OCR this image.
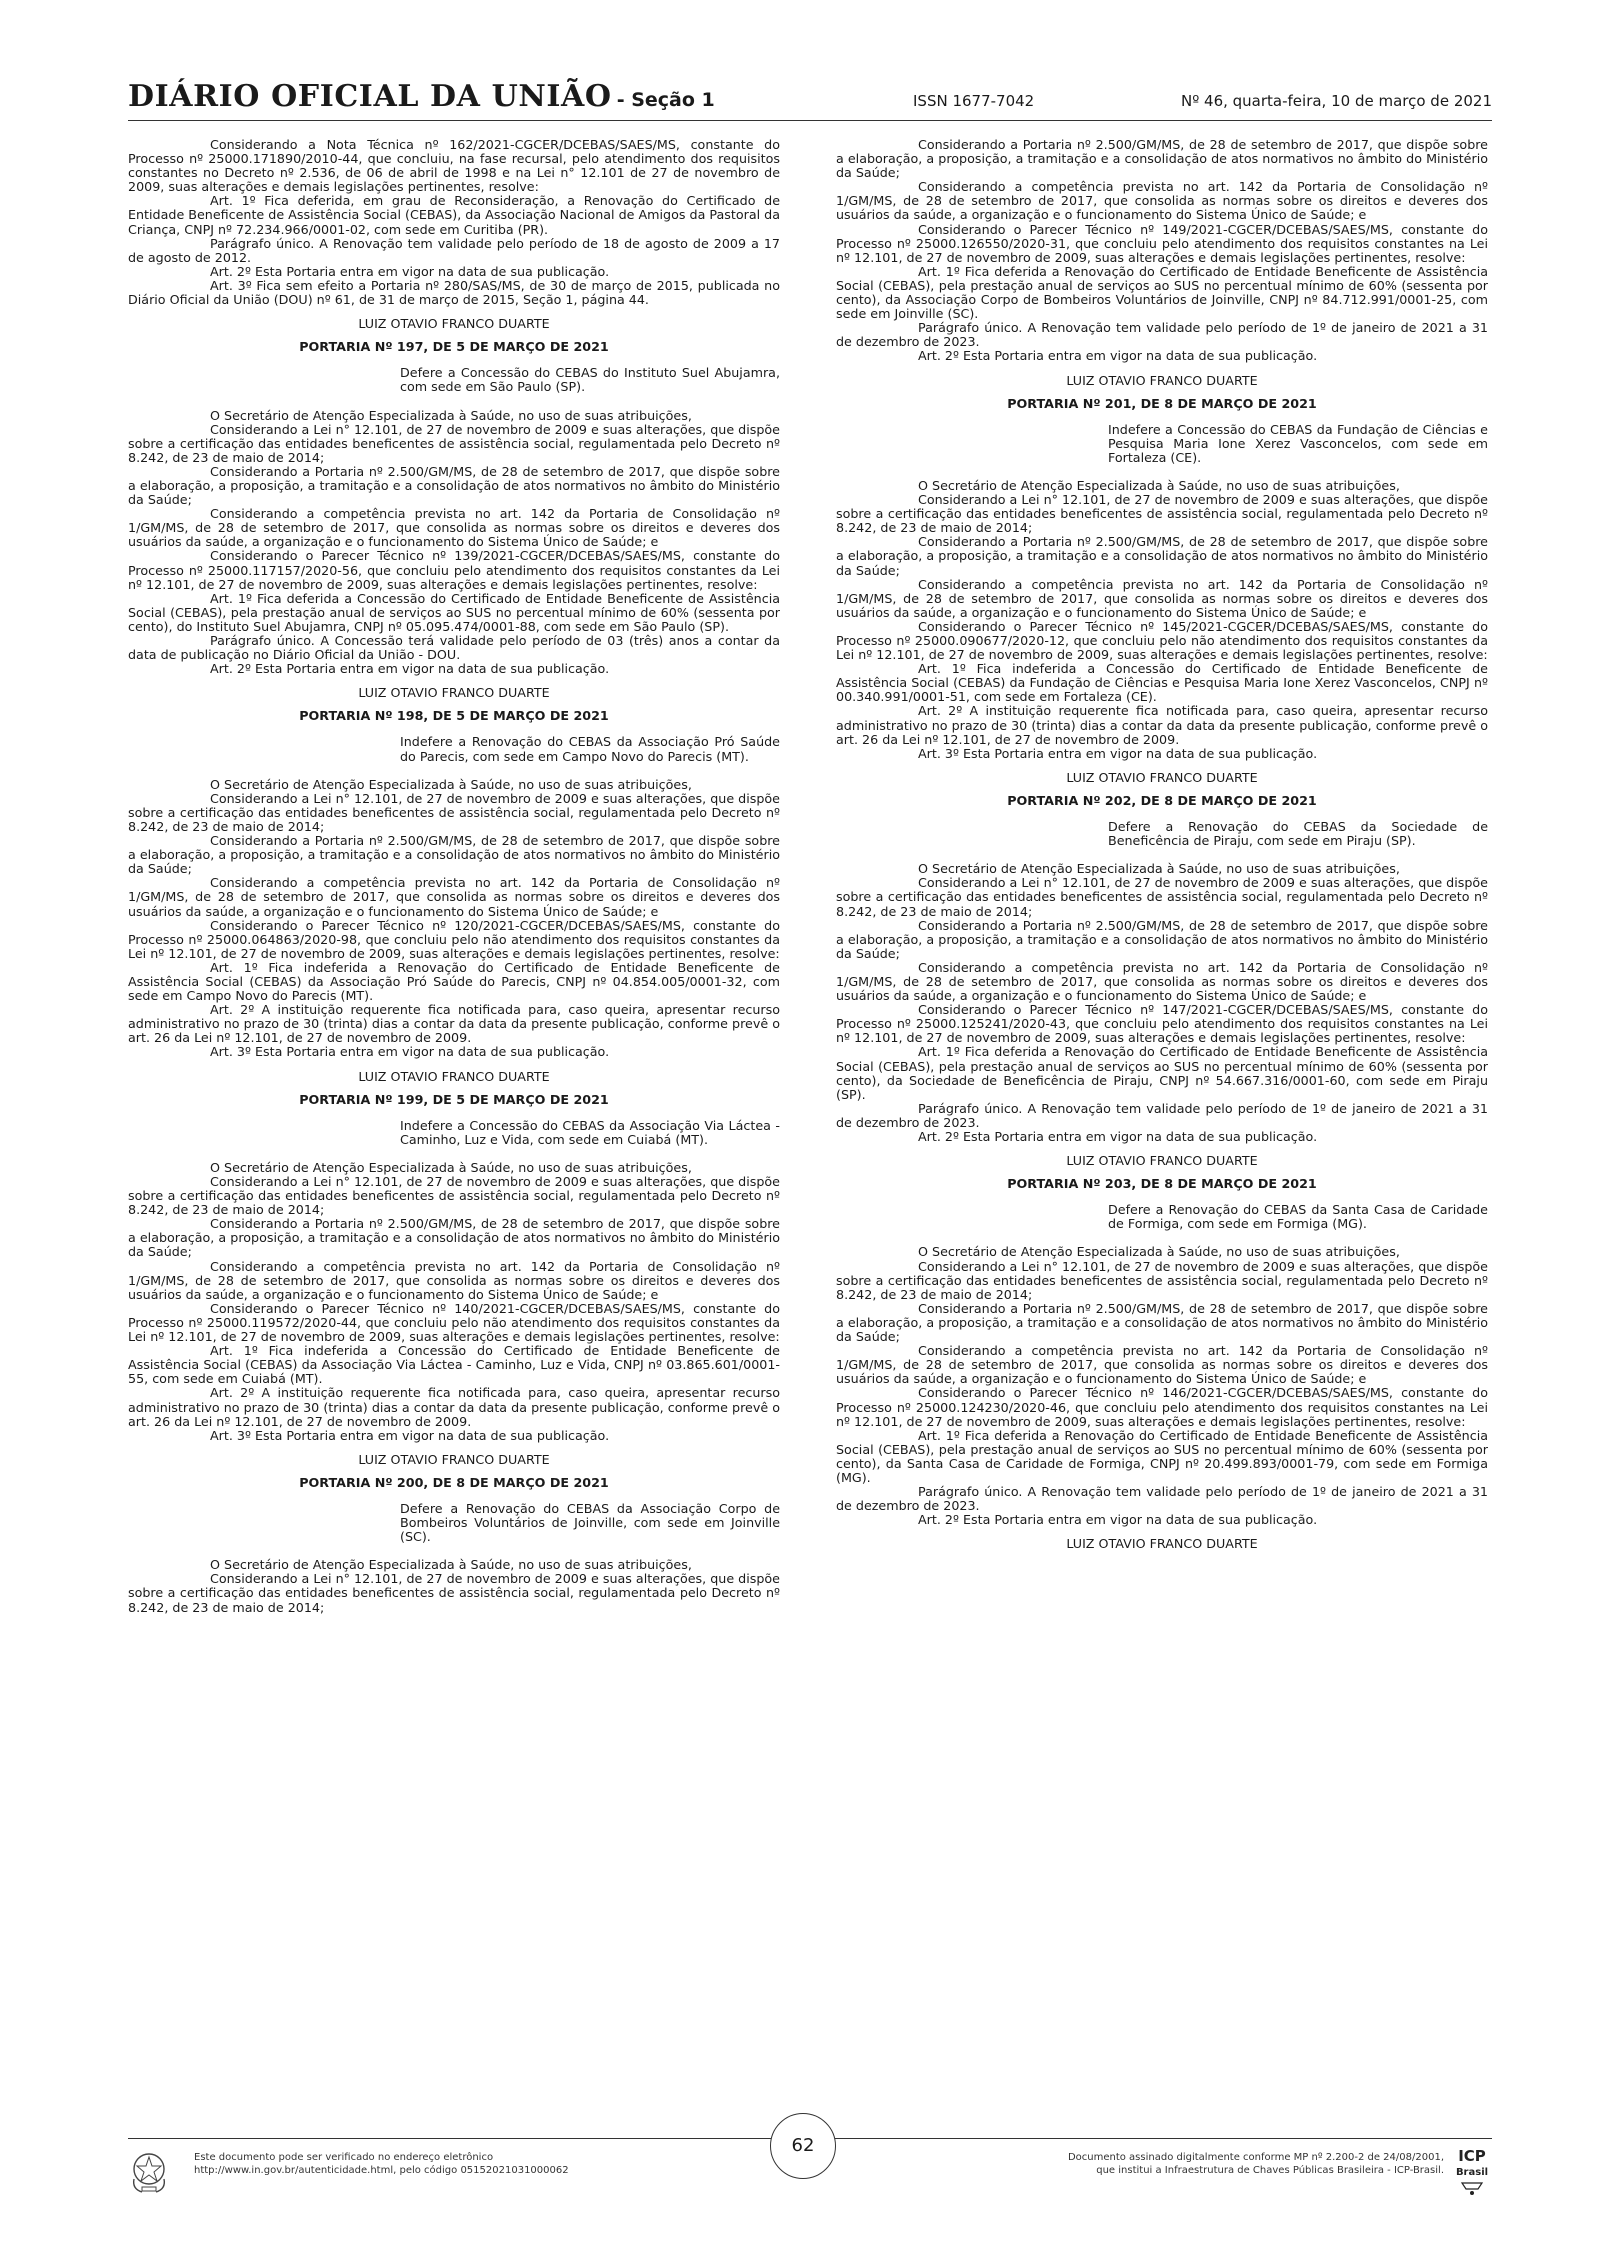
DIÁRIO OFICIAL DA UNIÃO - Seção 1	ISSN 1677-7042	Nº 46, quarta-feira, 10 de março de 2021

Considerando a Nota Técnica nº 162/2021-CGCER/DCEBAS/SAES/MS, constante do Processo nº 25000.171890/2010-44, que concluiu, na fase recursal, pelo atendimento dos requisitos constantes no Decreto nº 2.536, de 06 de abril de 1998 e na Lei n° 12.101 de 27 de novembro de 2009, suas alterações e demais legislações pertinentes, resolve:

Art. 1º Fica deferida, em grau de Reconsideração, a Renovação do Certificado de Entidade Beneficente de Assistência Social (CEBAS), da Associação Nacional de Amigos da Pastoral da Criança, CNPJ nº 72.234.966/0001-02, com sede em Curitiba (PR).

Parágrafo único. A Renovação tem validade pelo período de 18 de agosto de 2009 a 17 de agosto de 2012.

Art. 2º Esta Portaria entra em vigor na data de sua publicação.

Art. 3º Fica sem efeito a Portaria nº 280/SAS/MS, de 30 de março de 2015, publicada no Diário Oficial da União (DOU) nº 61, de 31 de março de 2015, Seção 1, página 44.

LUIZ OTAVIO FRANCO DUARTE
PORTARIA Nº 197, DE 5 DE MARÇO DE 2021
Defere a Concessão do CEBAS do Instituto Suel Abujamra, com sede em São Paulo (SP).

O Secretário de Atenção Especializada à Saúde, no uso de suas atribuições,

Considerando a Lei n° 12.101, de 27 de novembro de 2009 e suas alterações, que dispõe sobre a certificação das entidades beneficentes de assistência social, regulamentada pelo Decreto nº 8.242, de 23 de maio de 2014;

Considerando a Portaria nº 2.500/GM/MS, de 28 de setembro de 2017, que dispõe sobre a elaboração, a proposição, a tramitação e a consolidação de atos normativos no âmbito do Ministério da Saúde;

Considerando a competência prevista no art. 142 da Portaria de Consolidação nº 1/GM/MS, de 28 de setembro de 2017, que consolida as normas sobre os direitos e deveres dos usuários da saúde, a organização e o funcionamento do Sistema Único de Saúde; e

Considerando o Parecer Técnico nº 139/2021-CGCER/DCEBAS/SAES/MS, constante do Processo nº 25000.117157/2020-56, que concluiu pelo atendimento dos requisitos constantes da Lei nº 12.101, de 27 de novembro de 2009, suas alterações e demais legislações pertinentes, resolve:

Art. 1º Fica deferida a Concessão do Certificado de Entidade Beneficente de Assistência Social (CEBAS), pela prestação anual de serviços ao SUS no percentual mínimo de 60% (sessenta por cento), do Instituto Suel Abujamra, CNPJ nº 05.095.474/0001-88, com sede em São Paulo (SP).

Parágrafo único. A Concessão terá validade pelo período de 03 (três) anos a contar da data de publicação no Diário Oficial da União - DOU.

Art. 2º Esta Portaria entra em vigor na data de sua publicação.

LUIZ OTAVIO FRANCO DUARTE
PORTARIA Nº 198, DE 5 DE MARÇO DE 2021
Indefere a Renovação do CEBAS da Associação Pró Saúde do Parecis, com sede em Campo Novo do Parecis (MT).

O Secretário de Atenção Especializada à Saúde, no uso de suas atribuições,

Considerando a Lei n° 12.101, de 27 de novembro de 2009 e suas alterações, que dispõe sobre a certificação das entidades beneficentes de assistência social, regulamentada pelo Decreto nº 8.242, de 23 de maio de 2014;

Considerando a Portaria nº 2.500/GM/MS, de 28 de setembro de 2017, que dispõe sobre a elaboração, a proposição, a tramitação e a consolidação de atos normativos no âmbito do Ministério da Saúde;

Considerando a competência prevista no art. 142 da Portaria de Consolidação nº 1/GM/MS, de 28 de setembro de 2017, que consolida as normas sobre os direitos e deveres dos usuários da saúde, a organização e o funcionamento do Sistema Único de Saúde; e

Considerando o Parecer Técnico nº 120/2021-CGCER/DCEBAS/SAES/MS, constante do Processo nº 25000.064863/2020-98, que concluiu pelo não atendimento dos requisitos constantes da Lei nº 12.101, de 27 de novembro de 2009, suas alterações e demais legislações pertinentes, resolve:

Art. 1º Fica indeferida a Renovação do Certificado de Entidade Beneficente de Assistência Social (CEBAS) da Associação Pró Saúde do Parecis, CNPJ nº 04.854.005/0001-32, com sede em Campo Novo do Parecis (MT).

Art. 2º A instituição requerente fica notificada para, caso queira, apresentar recurso administrativo no prazo de 30 (trinta) dias a contar da data da presente publicação, conforme prevê o art. 26 da Lei nº 12.101, de 27 de novembro de 2009.

Art. 3º Esta Portaria entra em vigor na data de sua publicação.

LUIZ OTAVIO FRANCO DUARTE
PORTARIA Nº 199, DE 5 DE MARÇO DE 2021
Indefere a Concessão do CEBAS da Associação Via Láctea - Caminho, Luz e Vida, com sede em Cuiabá (MT).

O Secretário de Atenção Especializada à Saúde, no uso de suas atribuições,

Considerando a Lei n° 12.101, de 27 de novembro de 2009 e suas alterações, que dispõe sobre a certificação das entidades beneficentes de assistência social, regulamentada pelo Decreto nº 8.242, de 23 de maio de 2014;

Considerando a Portaria nº 2.500/GM/MS, de 28 de setembro de 2017, que dispõe sobre a elaboração, a proposição, a tramitação e a consolidação de atos normativos no âmbito do Ministério da Saúde;

Considerando a competência prevista no art. 142 da Portaria de Consolidação nº 1/GM/MS, de 28 de setembro de 2017, que consolida as normas sobre os direitos e deveres dos usuários da saúde, a organização e o funcionamento do Sistema Único de Saúde; e

Considerando o Parecer Técnico nº 140/2021-CGCER/DCEBAS/SAES/MS, constante do Processo nº 25000.119572/2020-44, que concluiu pelo não atendimento dos requisitos constantes da Lei nº 12.101, de 27 de novembro de 2009, suas alterações e demais legislações pertinentes, resolve:

Art. 1º Fica indeferida a Concessão do Certificado de Entidade Beneficente de Assistência Social (CEBAS) da Associação Via Láctea - Caminho, Luz e Vida, CNPJ nº 03.865.601/0001-55, com sede em Cuiabá (MT).

Art. 2º A instituição requerente fica notificada para, caso queira, apresentar recurso administrativo no prazo de 30 (trinta) dias a contar da data da presente publicação, conforme prevê o art. 26 da Lei nº 12.101, de 27 de novembro de 2009.

Art. 3º Esta Portaria entra em vigor na data de sua publicação.

LUIZ OTAVIO FRANCO DUARTE
PORTARIA Nº 200, DE 8 DE MARÇO DE 2021
Defere a Renovação do CEBAS da Associação Corpo de Bombeiros Voluntários de Joinville, com sede em Joinville (SC).

O Secretário de Atenção Especializada à Saúde, no uso de suas atribuições,

Considerando a Lei n° 12.101, de 27 de novembro de 2009 e suas alterações, que dispõe sobre a certificação das entidades beneficentes de assistência social, regulamentada pelo Decreto nº 8.242, de 23 de maio de 2014;

Considerando a Portaria nº 2.500/GM/MS, de 28 de setembro de 2017, que dispõe sobre a elaboração, a proposição, a tramitação e a consolidação de atos normativos no âmbito do Ministério da Saúde;

Considerando a competência prevista no art. 142 da Portaria de Consolidação nº 1/GM/MS, de 28 de setembro de 2017, que consolida as normas sobre os direitos e deveres dos usuários da saúde, a organização e o funcionamento do Sistema Único de Saúde; e

Considerando o Parecer Técnico nº 149/2021-CGCER/DCEBAS/SAES/MS, constante do Processo nº 25000.126550/2020-31, que concluiu pelo atendimento dos requisitos constantes na Lei nº 12.101, de 27 de novembro de 2009, suas alterações e demais legislações pertinentes, resolve:

Art. 1º Fica deferida a Renovação do Certificado de Entidade Beneficente de Assistência Social (CEBAS), pela prestação anual de serviços ao SUS no percentual mínimo de 60% (sessenta por cento), da Associação Corpo de Bombeiros Voluntários de Joinville, CNPJ nº 84.712.991/0001-25, com sede em Joinville (SC).

Parágrafo único. A Renovação tem validade pelo período de 1º de janeiro de 2021 a 31 de dezembro de 2023.

Art. 2º Esta Portaria entra em vigor na data de sua publicação.

LUIZ OTAVIO FRANCO DUARTE
PORTARIA Nº 201, DE 8 DE MARÇO DE 2021
Indefere a Concessão do CEBAS da Fundação de Ciências e Pesquisa Maria Ione Xerez Vasconcelos, com sede em Fortaleza (CE).

O Secretário de Atenção Especializada à Saúde, no uso de suas atribuições,

Considerando a Lei n° 12.101, de 27 de novembro de 2009 e suas alterações, que dispõe sobre a certificação das entidades beneficentes de assistência social, regulamentada pelo Decreto nº 8.242, de 23 de maio de 2014;

Considerando a Portaria nº 2.500/GM/MS, de 28 de setembro de 2017, que dispõe sobre a elaboração, a proposição, a tramitação e a consolidação de atos normativos no âmbito do Ministério da Saúde;

Considerando a competência prevista no art. 142 da Portaria de Consolidação nº 1/GM/MS, de 28 de setembro de 2017, que consolida as normas sobre os direitos e deveres dos usuários da saúde, a organização e o funcionamento do Sistema Único de Saúde; e

Considerando o Parecer Técnico nº 145/2021-CGCER/DCEBAS/SAES/MS, constante do Processo nº 25000.090677/2020-12, que concluiu pelo não atendimento dos requisitos constantes da Lei nº 12.101, de 27 de novembro de 2009, suas alterações e demais legislações pertinentes, resolve:

Art. 1º Fica indeferida a Concessão do Certificado de Entidade Beneficente de Assistência Social (CEBAS) da Fundação de Ciências e Pesquisa Maria Ione Xerez Vasconcelos, CNPJ nº 00.340.991/0001-51, com sede em Fortaleza (CE).

Art. 2º A instituição requerente fica notificada para, caso queira, apresentar recurso administrativo no prazo de 30 (trinta) dias a contar da data da presente publicação, conforme prevê o art. 26 da Lei nº 12.101, de 27 de novembro de 2009.

Art. 3º Esta Portaria entra em vigor na data de sua publicação.

LUIZ OTAVIO FRANCO DUARTE
PORTARIA Nº 202, DE 8 DE MARÇO DE 2021
Defere a Renovação do CEBAS da Sociedade de Beneficência de Piraju, com sede em Piraju (SP).

O Secretário de Atenção Especializada à Saúde, no uso de suas atribuições,

Considerando a Lei n° 12.101, de 27 de novembro de 2009 e suas alterações, que dispõe sobre a certificação das entidades beneficentes de assistência social, regulamentada pelo Decreto nº 8.242, de 23 de maio de 2014;

Considerando a Portaria nº 2.500/GM/MS, de 28 de setembro de 2017, que dispõe sobre a elaboração, a proposição, a tramitação e a consolidação de atos normativos no âmbito do Ministério da Saúde;

Considerando a competência prevista no art. 142 da Portaria de Consolidação nº 1/GM/MS, de 28 de setembro de 2017, que consolida as normas sobre os direitos e deveres dos usuários da saúde, a organização e o funcionamento do Sistema Único de Saúde; e

Considerando o Parecer Técnico nº 147/2021-CGCER/DCEBAS/SAES/MS, constante do Processo nº 25000.125241/2020-43, que concluiu pelo atendimento dos requisitos constantes na Lei nº 12.101, de 27 de novembro de 2009, suas alterações e demais legislações pertinentes, resolve:

Art. 1º Fica deferida a Renovação do Certificado de Entidade Beneficente de Assistência Social (CEBAS), pela prestação anual de serviços ao SUS no percentual mínimo de 60% (sessenta por cento), da Sociedade de Beneficência de Piraju, CNPJ nº 54.667.316/0001-60, com sede em Piraju (SP).

Parágrafo único. A Renovação tem validade pelo período de 1º de janeiro de 2021 a 31 de dezembro de 2023.

Art. 2º Esta Portaria entra em vigor na data de sua publicação.

LUIZ OTAVIO FRANCO DUARTE
PORTARIA Nº 203, DE 8 DE MARÇO DE 2021
Defere a Renovação do CEBAS da Santa Casa de Caridade de Formiga, com sede em Formiga (MG).

O Secretário de Atenção Especializada à Saúde, no uso de suas atribuições,

Considerando a Lei n° 12.101, de 27 de novembro de 2009 e suas alterações, que dispõe sobre a certificação das entidades beneficentes de assistência social, regulamentada pelo Decreto nº 8.242, de 23 de maio de 2014;

Considerando a Portaria nº 2.500/GM/MS, de 28 de setembro de 2017, que dispõe sobre a elaboração, a proposição, a tramitação e a consolidação de atos normativos no âmbito do Ministério da Saúde;

Considerando a competência prevista no art. 142 da Portaria de Consolidação nº 1/GM/MS, de 28 de setembro de 2017, que consolida as normas sobre os direitos e deveres dos usuários da saúde, a organização e o funcionamento do Sistema Único de Saúde; e

Considerando o Parecer Técnico nº 146/2021-CGCER/DCEBAS/SAES/MS, constante do Processo nº 25000.124230/2020-46, que concluiu pelo atendimento dos requisitos constantes na Lei nº 12.101, de 27 de novembro de 2009, suas alterações e demais legislações pertinentes, resolve:

Art. 1º Fica deferida a Renovação do Certificado de Entidade Beneficente de Assistência Social (CEBAS), pela prestação anual de serviços ao SUS no percentual mínimo de 60% (sessenta por cento), da Santa Casa de Caridade de Formiga, CNPJ nº 20.499.893/0001-79, com sede em Formiga (MG).

Parágrafo único. A Renovação tem validade pelo período de 1º de janeiro de 2021 a 31 de dezembro de 2023.

Art. 2º Esta Portaria entra em vigor na data de sua publicação.

LUIZ OTAVIO FRANCO DUARTE
Este documento pode ser verificado no endereço eletrônico
http://www.in.gov.br/autenticidade.html, pelo código 05152021031000062
62
Documento assinado digitalmente conforme MP nº 2.200-2 de 24/08/2001,
que institui a Infraestrutura de Chaves Públicas Brasileira - ICP-Brasil.
ICP
Brasil
